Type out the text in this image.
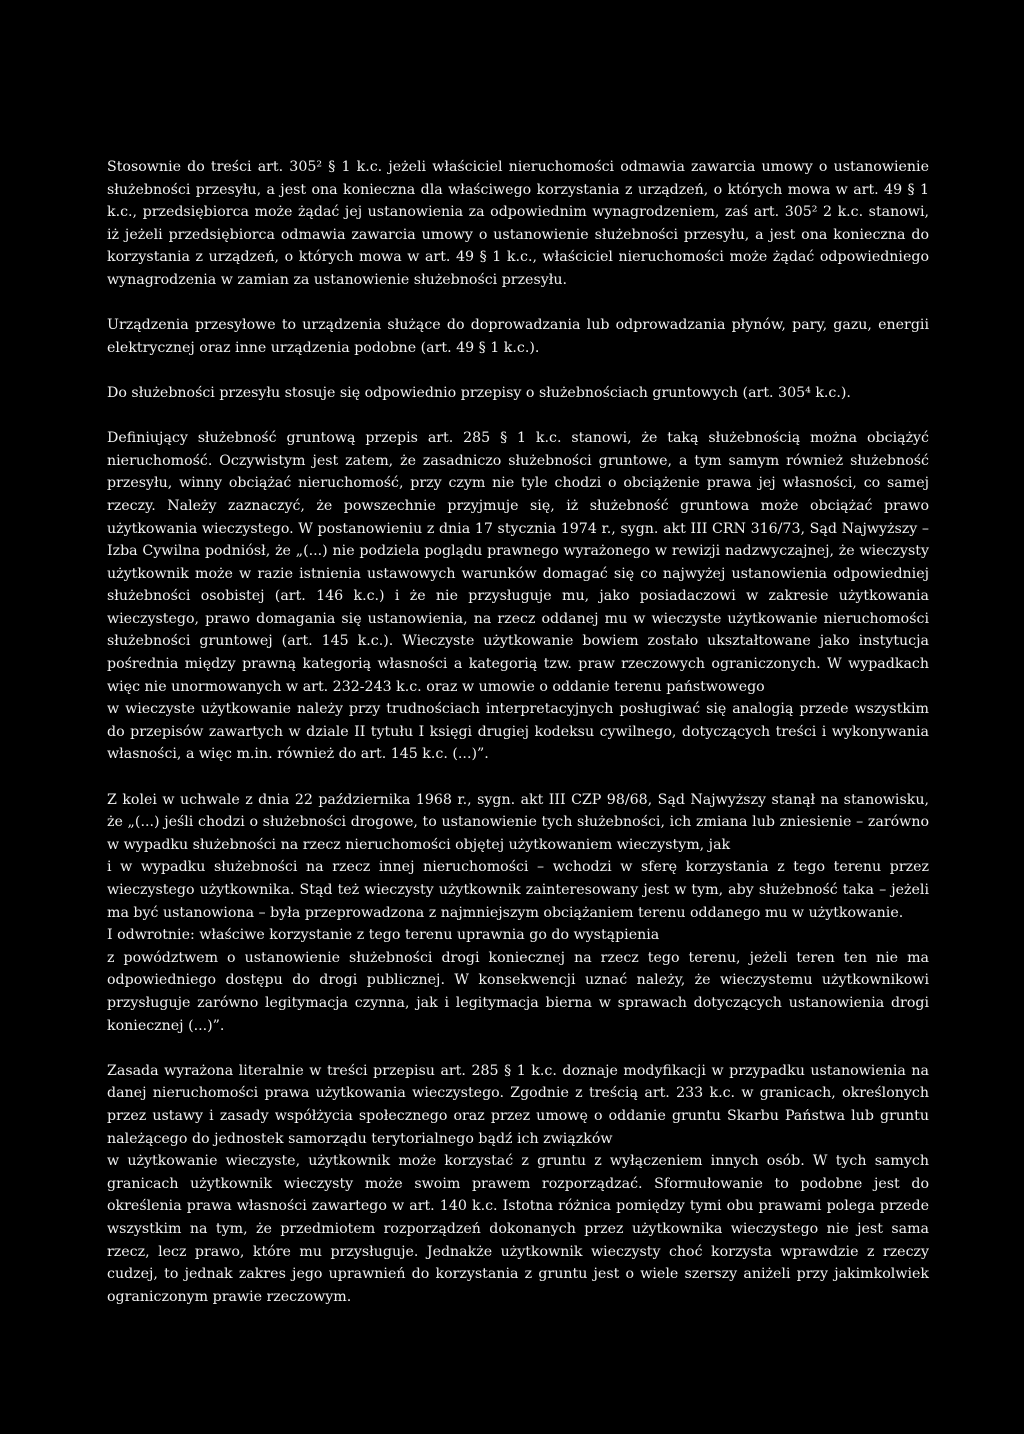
Stosownie do treści art. 305² § 1 k.c. jeżeli właściciel nieruchomości odmawia zawarcia umowy o ustanowienie służebności przesyłu, a jest ona konieczna dla właściwego korzystania z urządzeń, o których mowa w art. 49 § 1 k.c., przedsiębiorca może żądać jej ustanowienia za odpowiednim wynagrodzeniem, zaś art. 305² 2 k.c. stanowi, iż jeżeli przedsiębiorca odmawia zawarcia umowy o ustanowienie służebności przesyłu, a jest ona konieczna do korzystania z urządzeń, o których mowa w art. 49 § 1 k.c., właściciel nieruchomości może żądać odpowiedniego wynagrodzenia w zamian za ustanowienie służebności przesyłu.

Urządzenia przesyłowe to urządzenia służące do doprowadzania lub odprowadzania płynów, pary, gazu, energii elektrycznej oraz inne urządzenia podobne (art. 49 § 1 k.c.).

Do służebności przesyłu stosuje się odpowiednio przepisy o służebnościach gruntowych (art. 305⁴ k.c.).

Definiujący służebność gruntową przepis art. 285 § 1 k.c. stanowi, że taką służebnością można obciążyć nieruchomość. Oczywistym jest zatem, że zasadniczo służebności gruntowe, a tym samym również służebność przesyłu, winny obciążać nieruchomość, przy czym nie tyle chodzi o obciążenie prawa jej własności, co samej rzeczy. Należy zaznaczyć, że powszechnie przyjmuje się, iż służebność gruntowa może obciążać prawo użytkowania wieczystego. W postanowieniu z dnia 17 stycznia 1974 r., sygn. akt III CRN 316/73, Sąd Najwyższy – Izba Cywilna podniósł, że „(...) nie podziela poglądu prawnego wyrażonego w rewizji nadzwyczajnej, że wieczysty użytkownik może w razie istnienia ustawowych warunków domagać się co najwyżej ustanowienia odpowiedniej służebności osobistej (art. 146 k.c.) i że nie przysługuje mu, jako posiadaczowi w zakresie użytkowania wieczystego, prawo domagania się ustanowienia, na rzecz oddanej mu w wieczyste użytkowanie nieruchomości służebności gruntowej (art. 145 k.c.). Wieczyste użytkowanie bowiem zostało ukształtowane jako instytucja pośrednia między prawną kategorią własności a kategorią tzw. praw rzeczowych ograniczonych. W wypadkach więc nie unormowanych w art. 232-243 k.c. oraz w umowie o oddanie terenu państwowego

w wieczyste użytkowanie należy przy trudnościach interpretacyjnych posługiwać się analogią przede wszystkim do przepisów zawartych w dziale II tytułu I księgi drugiej kodeksu cywilnego, dotyczących treści i wykonywania własności, a więc m.in. również do art. 145 k.c. (...)”.

Z kolei w uchwale z dnia 22 października 1968 r., sygn. akt III CZP 98/68, Sąd Najwyższy stanął na stanowisku, że „(...) jeśli chodzi o służebności drogowe, to ustanowienie tych służebności, ich zmiana lub zniesienie – zarówno w wypadku służebności na rzecz nieruchomości objętej użytkowaniem wieczystym, jak

i w wypadku służebności na rzecz innej nieruchomości – wchodzi w sferę korzystania z tego terenu przez wieczystego użytkownika. Stąd też wieczysty użytkownik zainteresowany jest w tym, aby służebność taka – jeżeli ma być ustanowiona – była przeprowadzona z najmniejszym obciążaniem terenu oddanego mu w użytkowanie.

I odwrotnie: właściwe korzystanie z tego terenu uprawnia go do wystąpienia

z powództwem o ustanowienie służebności drogi koniecznej na rzecz tego terenu, jeżeli teren ten nie ma odpowiedniego dostępu do drogi publicznej. W konsekwencji uznać należy, że wieczystemu użytkownikowi przysługuje zarówno legitymacja czynna, jak i legitymacja bierna w sprawach dotyczących ustanowienia drogi koniecznej (...)”.

Zasada wyrażona literalnie w treści przepisu art. 285 § 1 k.c. doznaje modyfikacji w przypadku ustanowienia na danej nieruchomości prawa użytkowania wieczystego. Zgodnie z treścią art. 233 k.c. w granicach, określonych przez ustawy i zasady współżycia społecznego oraz przez umowę o oddanie gruntu Skarbu Państwa lub gruntu należącego do jednostek samorządu terytorialnego bądź ich związków

w użytkowanie wieczyste, użytkownik może korzystać z gruntu z wyłączeniem innych osób. W tych samych granicach użytkownik wieczysty może swoim prawem rozporządzać. Sformułowanie to podobne jest do określenia prawa własności zawartego w art. 140 k.c. Istotna różnica pomiędzy tymi obu prawami polega przede wszystkim na tym, że przedmiotem rozporządzeń dokonanych przez użytkownika wieczystego nie jest sama rzecz, lecz prawo, które mu przysługuje. Jednakże użytkownik wieczysty choć korzysta wprawdzie z rzeczy cudzej, to jednak zakres jego uprawnień do korzystania z gruntu jest o wiele szerszy aniżeli przy jakimkolwiek ograniczonym prawie rzeczowym.
